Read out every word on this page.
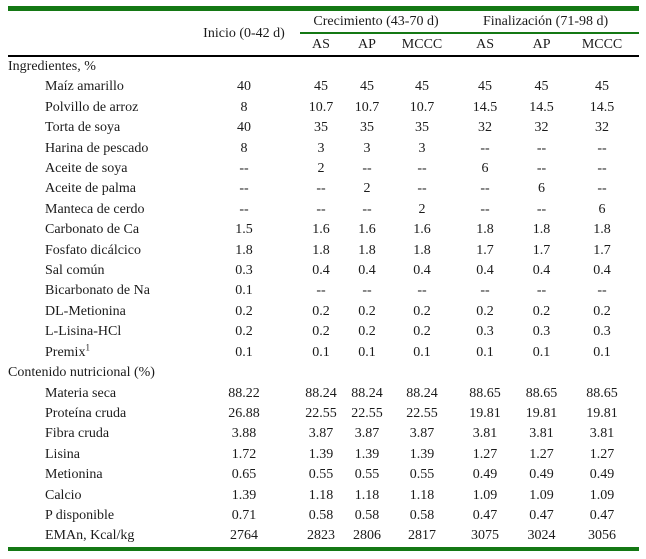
	Inicio (0-42 d)	Crecimiento (43-70 d)			Finalización (71-98 d)		
		AS	AP	MCCC	AS	AP	MCCC
Ingredientes, %							
Maíz amarillo	40	45	45	45	45	45	45
Polvillo de arroz	8	10.7	10.7	10.7	14.5	14.5	14.5
Torta de soya	40	35	35	35	32	32	32
Harina de pescado	8	3	3	3	--	--	--
Aceite de soya	--	2	--	--	6	--	--
Aceite de palma	--	--	2	--	--	6	--
Manteca de cerdo	--	--	--	2	--	--	6
Carbonato de Ca	1.5	1.6	1.6	1.6	1.8	1.8	1.8
Fosfato dicálcico	1.8	1.8	1.8	1.8	1.7	1.7	1.7
Sal común	0.3	0.4	0.4	0.4	0.4	0.4	0.4
Bicarbonato de Na	0.1	--	--	--	--	--	--
DL-Metionina	0.2	0.2	0.2	0.2	0.2	0.2	0.2
L-Lisina-HCl	0.2	0.2	0.2	0.2	0.3	0.3	0.3
Premix$^1$	0.1	0.1	0.1	0.1	0.1	0.1	0.1
Contenido nutricional (%)							
Materia seca	88.22	88.24	88.24	88.24	88.65	88.65	88.65
Proteína cruda	26.88	22.55	22.55	22.55	19.81	19.81	19.81
Fibra cruda	3.88	3.87	3.87	3.87	3.81	3.81	3.81
Lisina	1.72	1.39	1.39	1.39	1.27	1.27	1.27
Metionina	0.65	0.55	0.55	0.55	0.49	0.49	0.49
Calcio	1.39	1.18	1.18	1.18	1.09	1.09	1.09
P disponible	0.71	0.58	0.58	0.58	0.47	0.47	0.47
EMAn, Kcal/kg	2764	2823	2806	2817	3075	3024	3056
